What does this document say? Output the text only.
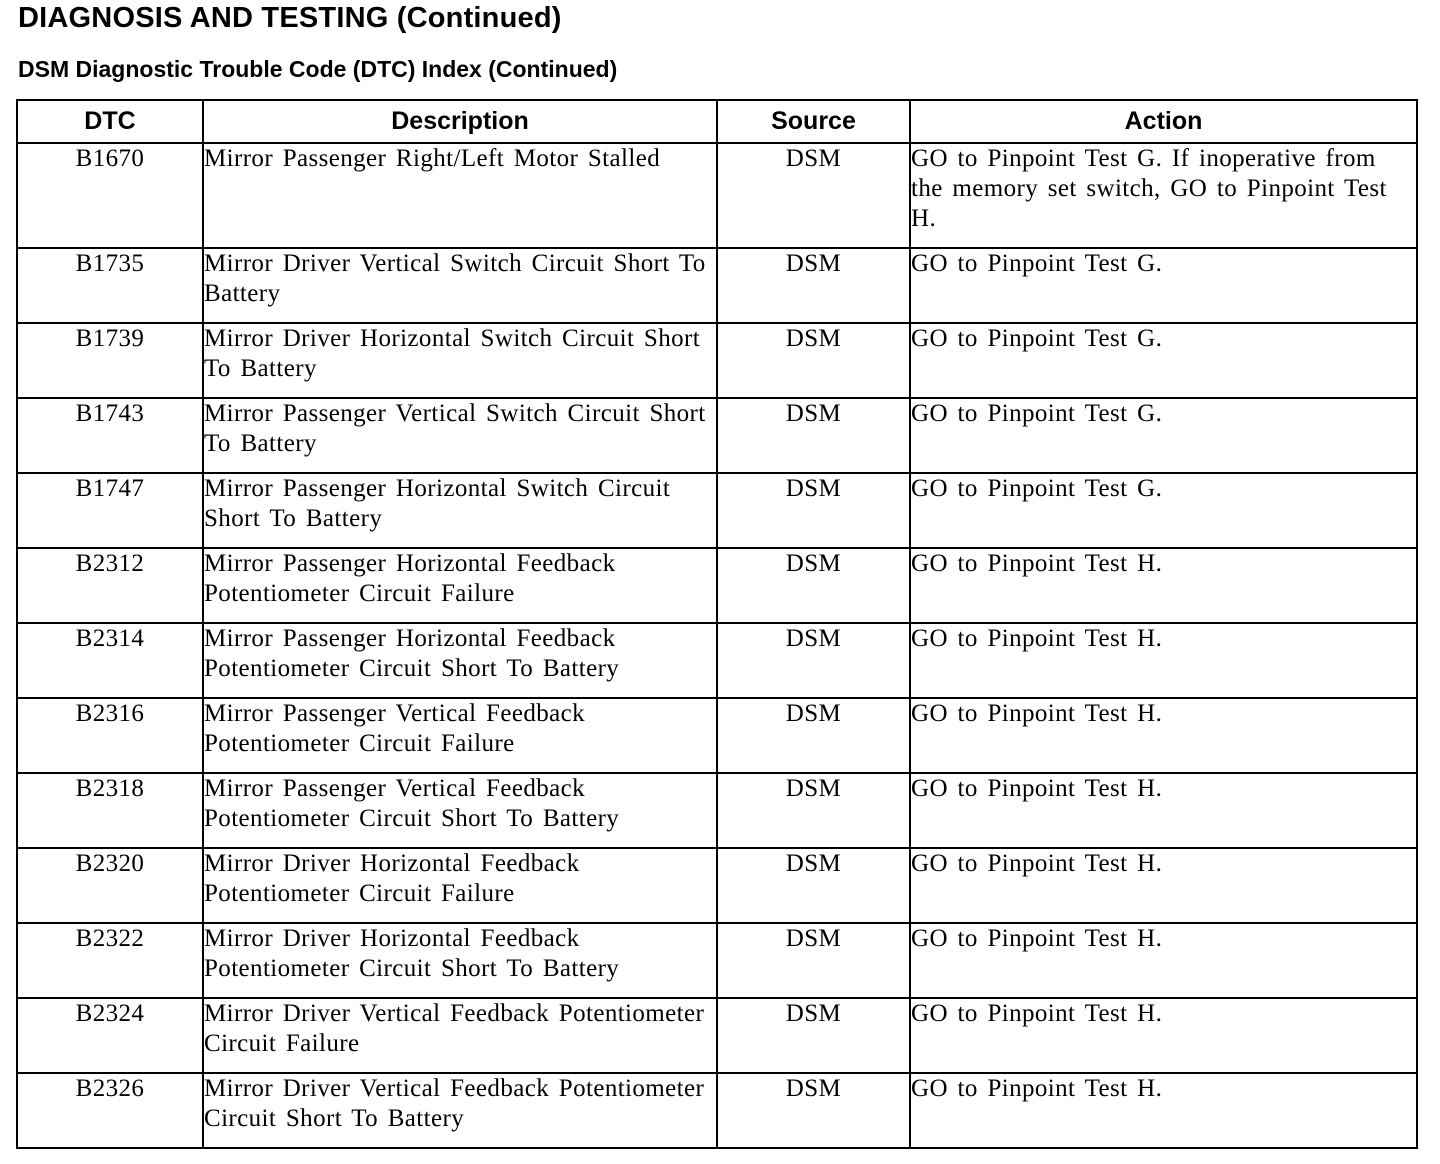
DIAGNOSIS AND TESTING (Continued)
DSM Diagnostic Trouble Code (DTC) Index (Continued)
DTC	Description	Source	Action
B1670	Mirror Passenger Right/Left Motor Stalled	DSM	GO to Pinpoint Test G. If inoperative from the memory set switch, GO to Pinpoint Test H.
B1735	Mirror Driver Vertical Switch Circuit Short To Battery	DSM	GO to Pinpoint Test G.
B1739	Mirror Driver Horizontal Switch Circuit Short To Battery	DSM	GO to Pinpoint Test G.
B1743	Mirror Passenger Vertical Switch Circuit Short To Battery	DSM	GO to Pinpoint Test G.
B1747	Mirror Passenger Horizontal Switch Circuit Short To Battery	DSM	GO to Pinpoint Test G.
B2312	Mirror Passenger Horizontal Feedback Potentiometer Circuit Failure	DSM	GO to Pinpoint Test H.
B2314	Mirror Passenger Horizontal Feedback Potentiometer Circuit Short To Battery	DSM	GO to Pinpoint Test H.
B2316	Mirror Passenger Vertical Feedback Potentiometer Circuit Failure	DSM	GO to Pinpoint Test H.
B2318	Mirror Passenger Vertical Feedback Potentiometer Circuit Short To Battery	DSM	GO to Pinpoint Test H.
B2320	Mirror Driver Horizontal Feedback Potentiometer Circuit Failure	DSM	GO to Pinpoint Test H.
B2322	Mirror Driver Horizontal Feedback Potentiometer Circuit Short To Battery	DSM	GO to Pinpoint Test H.
B2324	Mirror Driver Vertical Feedback Potentiometer Circuit Failure	DSM	GO to Pinpoint Test H.
B2326	Mirror Driver Vertical Feedback Potentiometer Circuit Short To Battery	DSM	GO to Pinpoint Test H.
